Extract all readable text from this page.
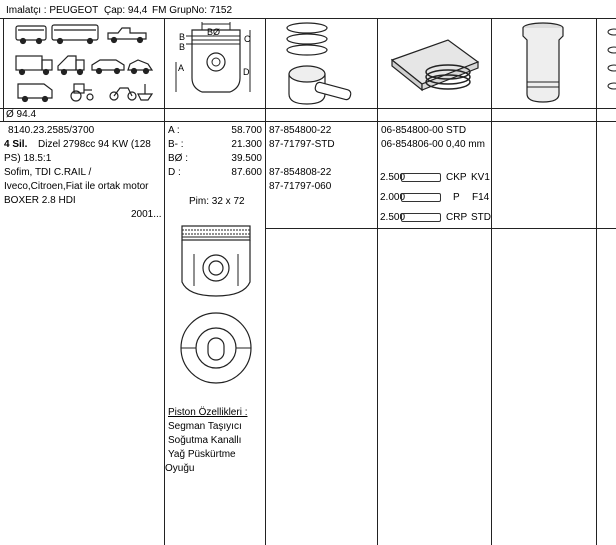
Imalatçı : PEUGEOT Çap: 94,4 FM GrupNo: 7152
B
B
BØ
C
A	D
Ø 94.4
8140.23.2585/3700
4 Sil. Dizel 2798cc 94 KW (128
PS) 18.5:1
Sofim, TDI C.RAIL /
Iveco,Citroen,Fiat ile ortak motor
BOXER 2.8 HDI
2001...
A :	58.700
B- :	21.300
BØ :	39.500
D :	87.600
Pim: 32 x 72
Piston Özellikleri :
Segman Taşıyıcı
Soğutma Kanallı
Yağ Püskürtme
Oyuğu
87-854800-22
87-71797-STD
87-854808-22
87-71797-060
06-854800-00 STD
06-854806-00 0,40 mm
2.500	CKP KV1
2.000	P F14
2.500	CRP STD
